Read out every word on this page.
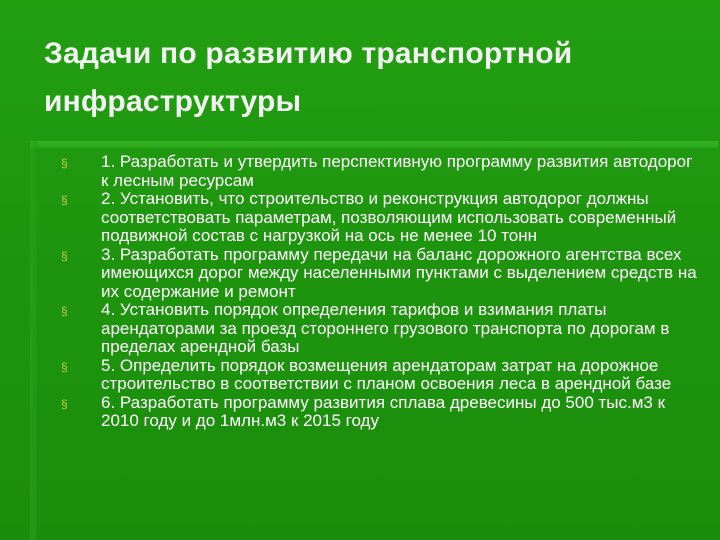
Задачи по развитию транспортной инфраструктуры
§ 1. Разработать и утвердить перспективную программу развития автодорог к лесным ресурсам
§ 2. Установить, что строительство и реконструкция автодорог должны соответствовать параметрам, позволяющим использовать современный подвижной состав с нагрузкой на ось не менее 10 тонн
§ 3. Разработать программу передачи на баланс дорожного агентства всех имеющихся дорог между населенными пунктами с выделением средств на их содержание и ремонт
§ 4. Установить порядок определения тарифов и взимания платы арендаторами за проезд стороннего грузового транспорта по дорогам в пределах арендной базы
§ 5. Определить порядок возмещения арендаторам затрат на дорожное строительство в соответствии с планом освоения леса в арендной базе
§ 6. Разработать программу развития сплава древесины до 500 тыс.м3 к 2010 году и до 1млн.м3 к 2015 году
